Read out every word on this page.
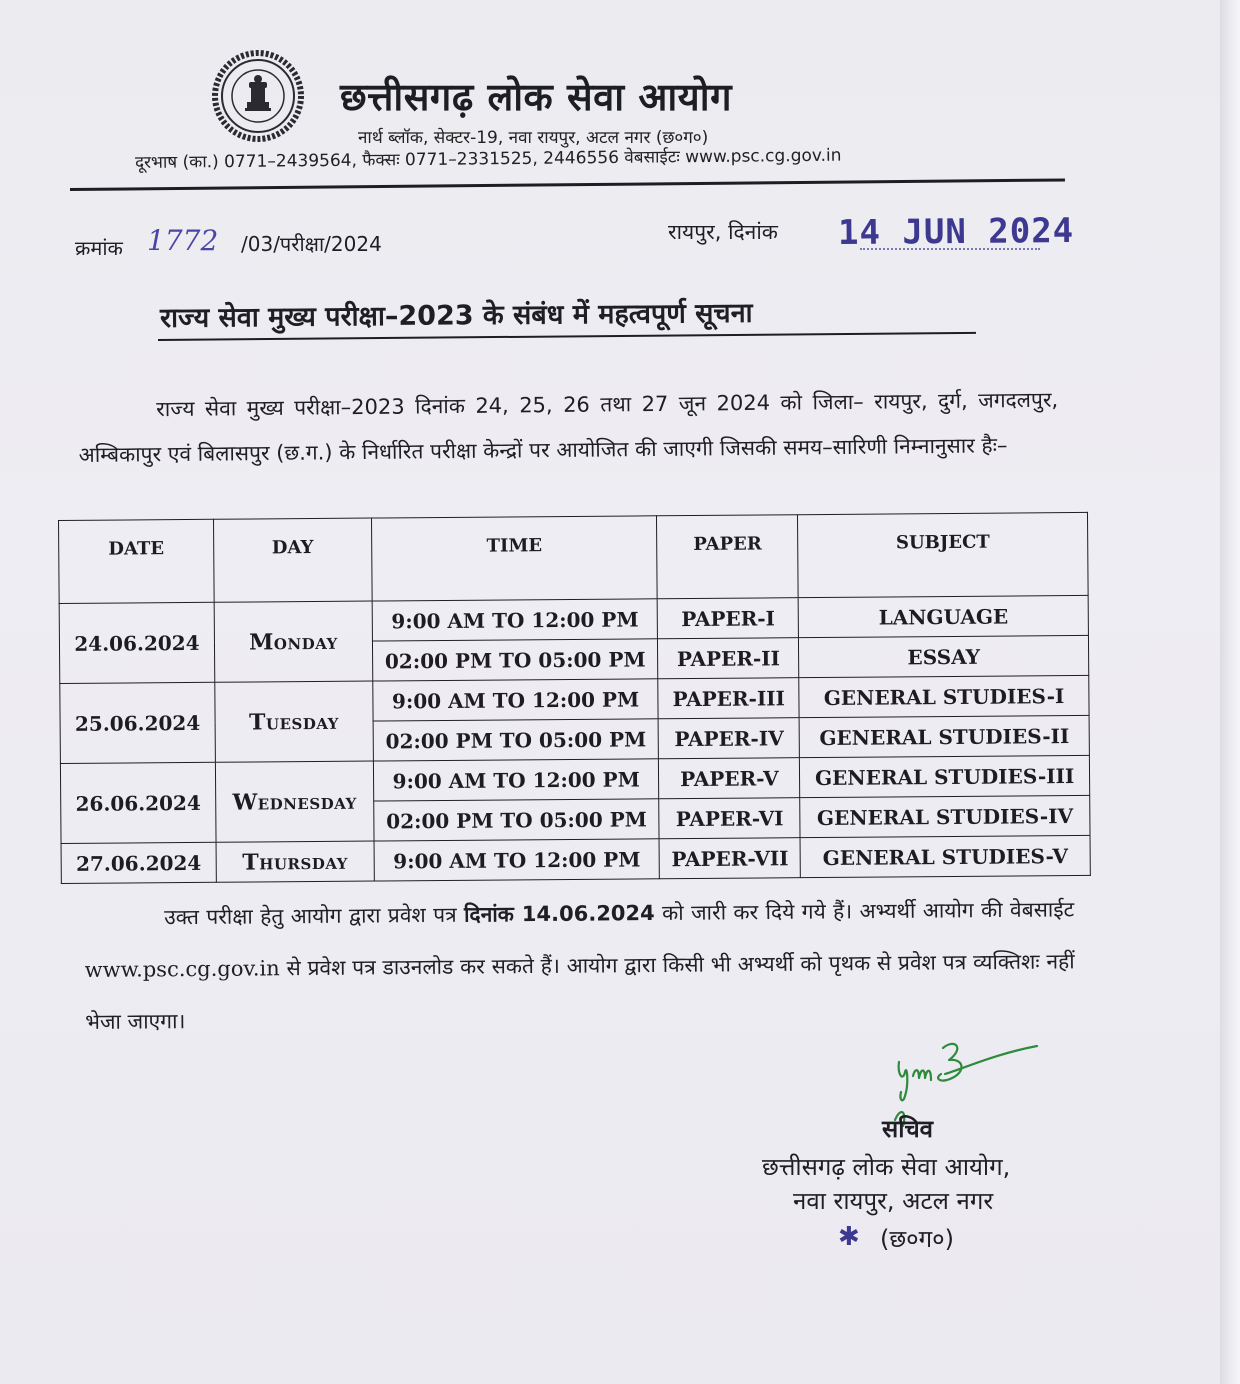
छत्तीसगढ़ लोक सेवा आयोग
नार्थ ब्लॉक, सेक्टर-19, नवा रायपुर, अटल नगर (छ०ग०)
दूरभाष (का.) 0771–2439564, फैक्सः 0771–2331525, 2446556 वेबसाईटः www.psc.cg.gov.in
क्रमांक 1772 /03/परीक्षा/2024	रायपुर, दिनांक 14 JUN 2024
राज्य सेवा मुख्य परीक्षा–2023 के संबंध में महत्वपूर्ण सूचना
राज्य सेवा मुख्य परीक्षा–2023 दिनांक 24, 25, 26 तथा 27 जून 2024 को जिला– रायपुर, दुर्ग, जगदलपुर, अम्बिकापुर एवं बिलासपुर (छ.ग.) के निर्धारित परीक्षा केन्द्रों पर आयोजित की जाएगी जिसकी समय–सारिणी निम्नानुसार हैः–
DATE	DAY	TIME	PAPER	SUBJECT
24.06.2024	Monday	9:00 AM TO 12:00 PM	PAPER-I	LANGUAGE
		02:00 PM TO 05:00 PM	PAPER-II	ESSAY
25.06.2024	Tuesday	9:00 AM TO 12:00 PM	PAPER-III	GENERAL STUDIES-I
		02:00 PM TO 05:00 PM	PAPER-IV	GENERAL STUDIES-II
26.06.2024	Wednesday	9:00 AM TO 12:00 PM	PAPER-V	GENERAL STUDIES-III
		02:00 PM TO 05:00 PM	PAPER-VI	GENERAL STUDIES-IV
27.06.2024	Thursday	9:00 AM TO 12:00 PM	PAPER-VII	GENERAL STUDIES-V
उक्त परीक्षा हेतु आयोग द्वारा प्रवेश पत्र दिनांक 14.06.2024 को जारी कर दिये गये हैं। अभ्यर्थी आयोग की वेबसाईट www.psc.cg.gov.in से प्रवेश पत्र डाउनलोड कर सकते हैं। आयोग द्वारा किसी भी अभ्यर्थी को पृथक से प्रवेश पत्र व्यक्तिशः नहीं भेजा जाएगा।
सचिव
छत्तीसगढ़ लोक सेवा आयोग,
नवा रायपुर, अटल नगर
✱ (छ०ग०)
